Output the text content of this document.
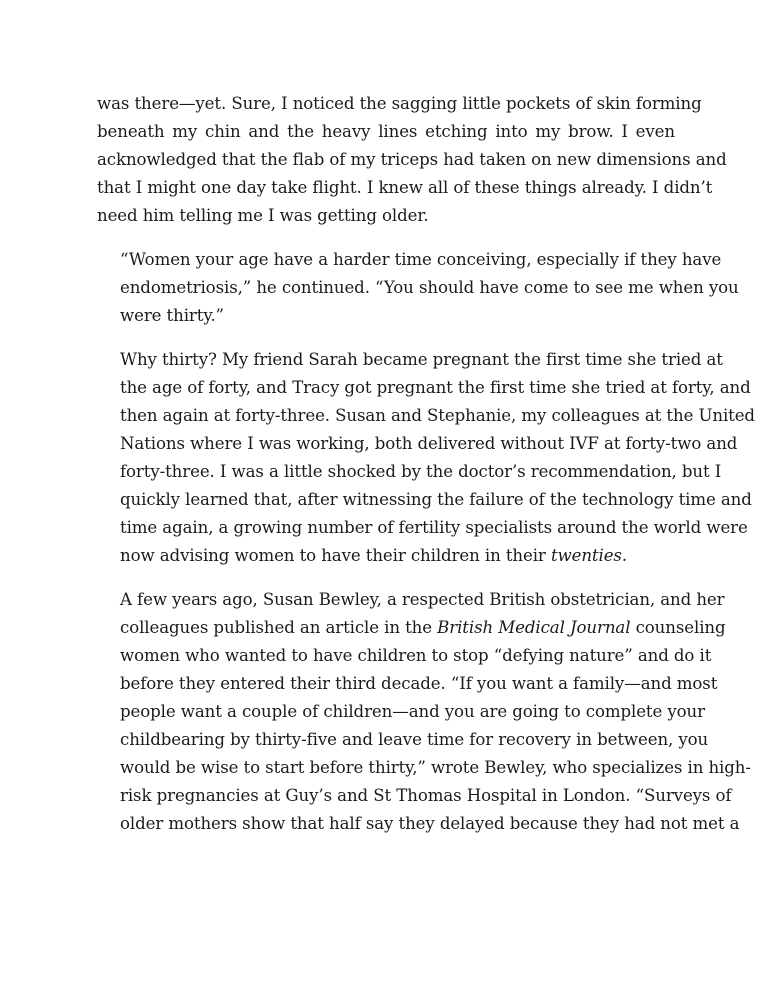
was there—yet. Sure, I noticed the sagging little pockets of skin forming
beneath my chin and the heavy lines etching into my brow. I even
acknowledged that the flab of my triceps had taken on new dimensions and
that I might one day take flight. I knew all of these things already. I didn’t
need him telling me I was getting older.
“Women your age have a harder time conceiving, especially if they have
endometriosis,” he continued. “You should have come to see me when you
were thirty.”
Why thirty? My friend Sarah became pregnant the first time she tried at
the age of forty, and Tracy got pregnant the first time she tried at forty, and
then again at forty-three. Susan and Stephanie, my colleagues at the United
Nations where I was working, both delivered without IVF at forty-two and
forty-three. I was a little shocked by the doctor’s recommendation, but I
quickly learned that, after witnessing the failure of the technology time and
time again, a growing number of fertility specialists around the world were
now advising women to have their children in their twenties.
A few years ago, Susan Bewley, a respected British obstetrician, and her
colleagues published an article in the British Medical Journal counseling
women who wanted to have children to stop “defying nature” and do it
before they entered their third decade. “If you want a family—and most
people want a couple of children—and you are going to complete your
childbearing by thirty-five and leave time for recovery in between, you
would be wise to start before thirty,” wrote Bewley, who specializes in high-
risk pregnancies at Guy’s and St Thomas Hospital in London. “Surveys of
older mothers show that half say they delayed because they had not met a
